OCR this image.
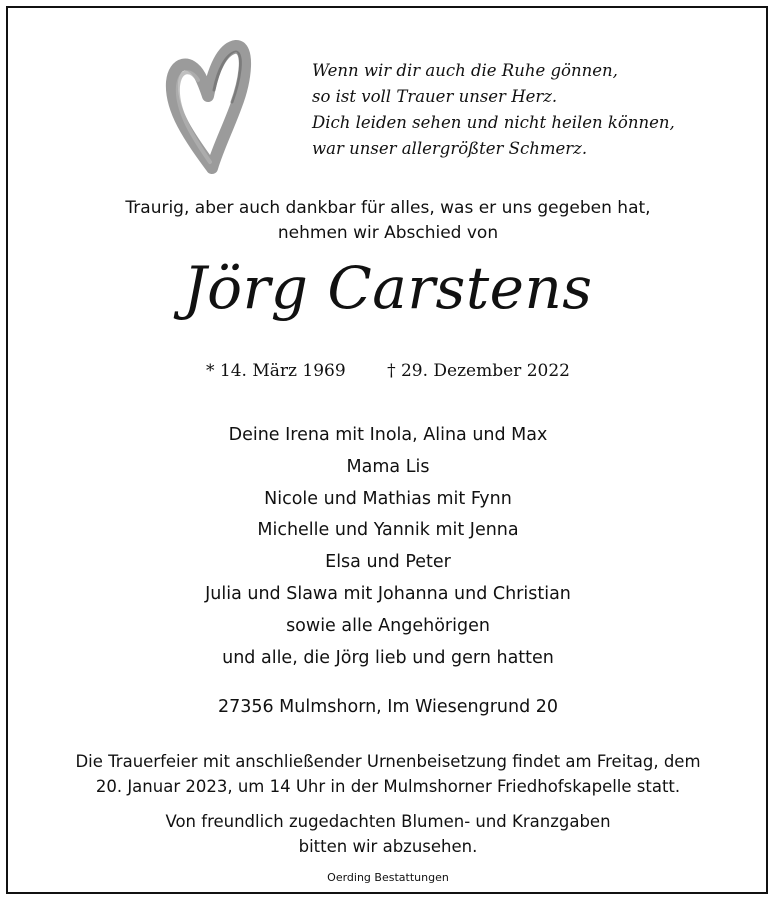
Wenn wir dir auch die Ruhe gönnen,
so ist voll Trauer unser Herz.
Dich leiden sehen und nicht heilen können,
war unser allergrößter Schmerz.
Traurig, aber auch dankbar für alles, was er uns gegeben hat,
nehmen wir Abschied von
Jörg Carstens
* 14. März 1969 † 29. Dezember 2022
Deine Irena mit Inola, Alina und Max
Mama Lis
Nicole und Mathias mit Fynn
Michelle und Yannik mit Jenna
Elsa und Peter
Julia und Slawa mit Johanna und Christian
sowie alle Angehörigen
und alle, die Jörg lieb und gern hatten
27356 Mulmshorn, Im Wiesengrund 20
Die Trauerfeier mit anschließender Urnenbeisetzung findet am Freitag, dem
20. Januar 2023, um 14 Uhr in der Mulmshorner Friedhofskapelle statt.
Von freundlich zugedachten Blumen- und Kranzgaben
bitten wir abzusehen.
Oerding Bestattungen
